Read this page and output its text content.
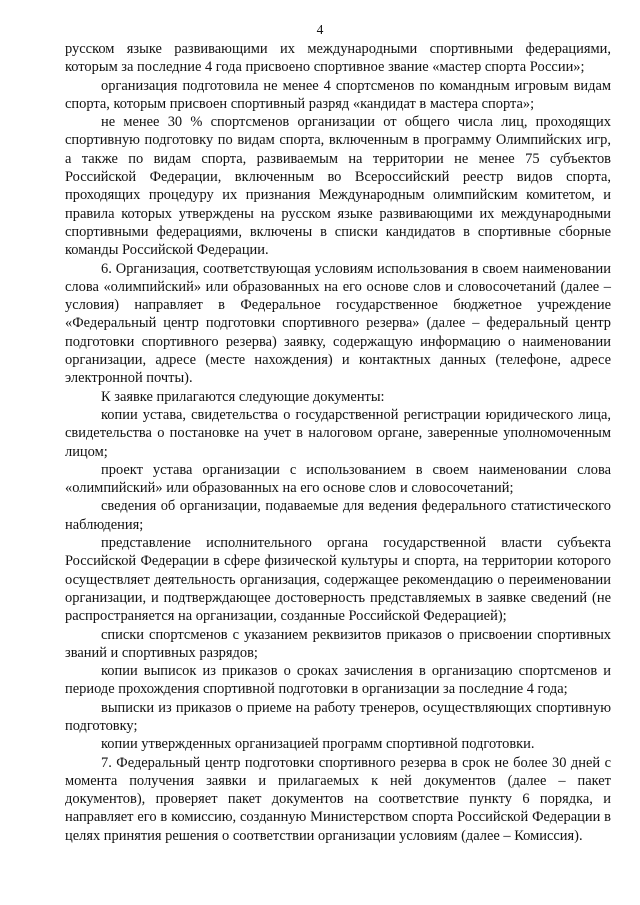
4

русском языке развивающими их международными спортивными федерациями, которым за последние 4 года присвоено спортивное звание «мастер спорта России»;

организация подготовила не менее 4 спортсменов по командным игровым видам спорта, которым присвоен спортивный разряд «кандидат в мастера спорта»;

не менее 30 % спортсменов организации от общего числа лиц, проходящих спортивную подготовку по видам спорта, включенным в программу Олимпийских игр, а также по видам спорта, развиваемым на территории не менее 75 субъектов Российской Федерации, включенным во Всероссийский реестр видов спорта, проходящих процедуру их признания Международным олимпийским комитетом, и правила которых утверждены на русском языке развивающими их международными спортивными федерациями, включены в списки кандидатов в спортивные сборные команды Российской Федерации.

6. Организация, соответствующая условиям использования в своем наименовании слова «олимпийский» или образованных на его основе слов и словосочетаний (далее – условия) направляет в Федеральное государственное бюджетное учреждение «Федеральный центр подготовки спортивного резерва» (далее – федеральный центр подготовки спортивного резерва) заявку, содержащую информацию о наименовании организации, адресе (месте нахождения) и контактных данных (телефоне, адресе электронной почты).

К заявке прилагаются следующие документы:

копии устава, свидетельства о государственной регистрации юридического лица, свидетельства о постановке на учет в налоговом органе, заверенные уполномоченным лицом;

проект устава организации с использованием в своем наименовании слова «олимпийский» или образованных на его основе слов и словосочетаний;

сведения об организации, подаваемые для ведения федерального статистического наблюдения;

представление исполнительного органа государственной власти субъекта Российской Федерации в сфере физической культуры и спорта, на территории которого осуществляет деятельность организация, содержащее рекомендацию о переименовании организации, и подтверждающее достоверность представляемых в заявке сведений (не распространяется на организации, созданные Российской Федерацией);

списки спортсменов с указанием реквизитов приказов о присвоении спортивных званий и спортивных разрядов;

копии выписок из приказов о сроках зачисления в организацию спортсменов и периоде прохождения спортивной подготовки в организации за последние 4 года;

выписки из приказов о приеме на работу тренеров, осуществляющих спортивную подготовку;

копии утвержденных организацией программ спортивной подготовки.

7. Федеральный центр подготовки спортивного резерва в срок не более 30 дней с момента получения заявки и прилагаемых к ней документов (далее – пакет документов), проверяет пакет документов на соответствие пункту 6 порядка, и направляет его в комиссию, созданную Министерством спорта Российской Федерации в целях принятия решения о соответствии организации условиям (далее – Комиссия).
